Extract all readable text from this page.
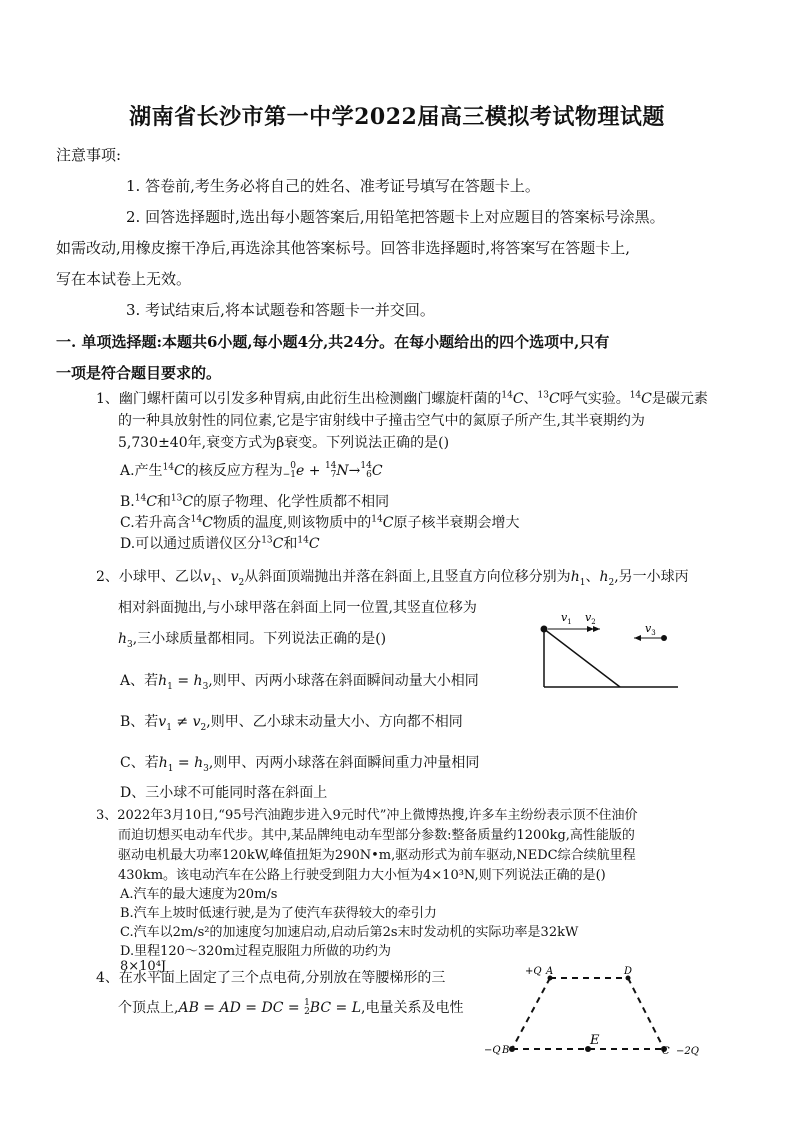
湖南省长沙市第一中学2022届高三模拟考试物理试题
注意事项:
1. 答卷前,考生务必将自己的姓名、准考证号填写在答题卡上。
2. 回答选择题时,选出每小题答案后,用铅笔把答题卡上对应题目的答案标号涂黑。
如需改动,用橡皮擦干净后,再选涂其他答案标号。回答非选择题时,将答案写在答题卡上,
写在本试卷上无效。
3. 考试结束后,将本试题卷和答题卡一并交回。
一. 单项选择题:本题共6小题,每小题4分,共24分。在每小题给出的四个选项中,只有
一项是符合题目要求的。
1、幽门螺杆菌可以引发多种胃病,由此衍生出检测幽门螺旋杆菌的$^{14}$C、$^{13}$C呼气实验。$^{14}$C是碳元素
的一种具放射性的同位素,它是宇宙射线中子撞击空气中的氮原子所产生,其半衰期约为
5,730±40年,衰变方式为β衰变。下列说法正确的是()
A.产生$^{14}$C的核反应方程为 0
−1e + 14
7N→14
6C
B.$^{14}$C和$^{13}$C的原子物理、化学性质都不相同
C.若升高含$^{14}$C物质的温度,则该物质中的$^{14}$C原子核半衰期会增大
D.可以通过质谱仪区分$^{13}$C和$^{14}$C
2、小球甲、乙以$v_1$、$v_2$从斜面顶端抛出并落在斜面上,且竖直方向位移分别为$h_1$、$h_2$,另一小球丙
相对斜面抛出,与小球甲落在斜面上同一位置,其竖直位移为
$h_3$,三小球质量都相同。下列说法正确的是()
A、若$h_1 = h_3$,则甲、丙两小球落在斜面瞬间动量大小相同
B、若$v_1 \ne v_2$,则甲、乙小球末动量大小、方向都不相同
C、若$h_1 = h_3$,则甲、丙两小球落在斜面瞬间重力冲量相同
D、三小球不可能同时落在斜面上
$v_1$ $v_2$	$v_3$
3、2022年3月10日,“95号汽油跑步进入9元时代”冲上微博热搜,许多车主纷纷表示顶不住油价
而迫切想买电动车代步。其中,某品牌纯电动车型部分参数:整备质量约1200kg,高性能版的
驱动电机最大功率120kW,峰值扭矩为290N•m,驱动形式为前车驱动,NEDC综合续航里程
430km。该电动汽车在公路上行驶受到阻力大小恒为4×10³N,则下列说法正确的是()
A.汽车的最大速度为20m/s
B.汽车上坡时低速行驶,是为了使汽车获得较大的牵引力
C.汽车以2m/s²的加速度匀加速启动,启动后第2s末时发动机的实际功率是32kW
D.里程120～320m过程克服阻力所做的功约为
8×10⁴J
4、在水平面上固定了三个点电荷,分别放在等腰梯形的三
个顶点上,AB = AD = DC = 1
2BC = L,电量关系及电性
+Q A	D
−Q B
E
C −2Q
